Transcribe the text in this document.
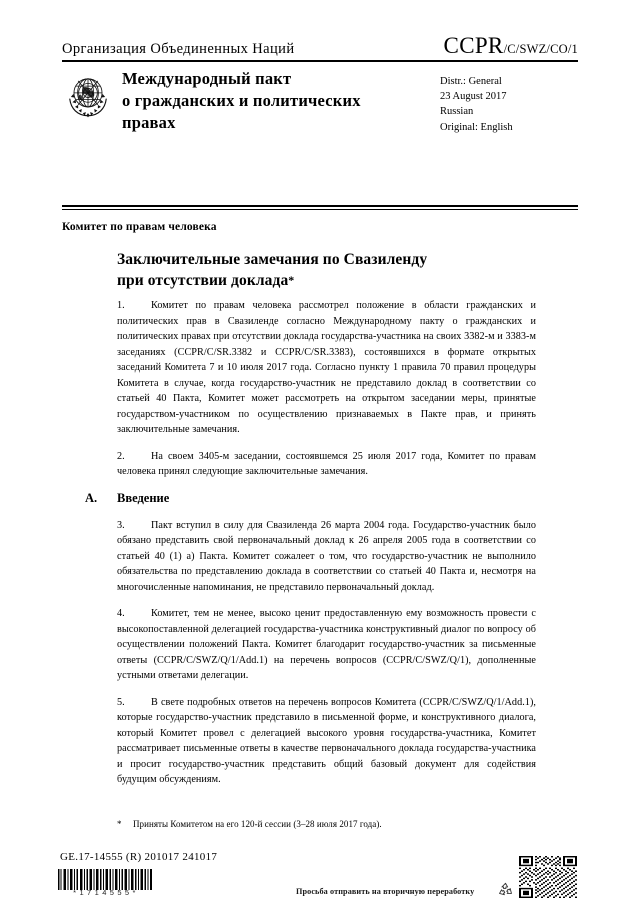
Организация Объединенных Наций	CCPR/C/SWZ/CO/1
Международный пакт
о гражданских и политических
правах
Distr.: General
23 August 2017
Russian
Original: English
Комитет по правам человека
Заключительные замечания по Свазиленду
при отсутствии доклада*

1.	Комитет по правам человека рассмотрел положение в области гражданских и политических прав в Свазиленде согласно Международному пакту о гражданских и политических правах при отсутствии доклада государства-участника на своих 3382-м и 3383-м заседаниях (CCPR/C/SR.3382 и CCPR/C/SR.3383), состоявшихся в формате открытых заседаний Комитета 7 и 10 июля 2017 года. Согласно пункту 1 правила 70 правил процедуры Комитета в случае, когда государство-участник не представило доклад в соответствии со статьей 40 Пакта, Комитет может рассмотреть на открытом заседании меры, принятые государством-участником по осуществлению признаваемых в Пакте прав, и принять заключительные замечания.

2.	На своем 3405-м заседании, состоявшемся 25 июля 2017 года, Комитет по правам человека принял следующие заключительные замечания.

A. Введение

3.	Пакт вступил в силу для Свазиленда 26 марта 2004 года. Государство-участник было обязано представить свой первоначальный доклад к 26 апреля 2005 года в соответствии со статьей 40 (1) a) Пакта. Комитет сожалеет о том, что государство-участник не выполнило обязательства по представлению доклада в соответствии со статьей 40 Пакта и, несмотря на многочисленные напоминания, не представило первоначальный доклад.

4.	Комитет, тем не менее, высоко ценит предоставленную ему возможность провести с высокопоставленной делегацией государства-участника конструктивный диалог по вопросу об осуществлении положений Пакта. Комитет благодарит государство-участник за письменные ответы (CCPR/C/SWZ/Q/1/Add.1) на перечень вопросов (CCPR/C/SWZ/Q/1), дополненные устными ответами делегации.

5.	В свете подробных ответов на перечень вопросов Комитета (CCPR/C/SWZ/Q/1/Add.1), которые государство-участник представило в письменной форме, и конструктивного диалога, который Комитет провел с делегацией высокого уровня государства-участника, Комитет рассматривает письменные ответы в качестве первоначального доклада государства-участника и просит государство-участник представить общий базовый документ для содействия будущим обсуждениям.

* Приняты Комитетом на его 120-й сессии (3–28 июля 2017 года).
GE.17-14555 (R) 201017 241017
*1714555*	Просьба отправить на вторичную переработку
